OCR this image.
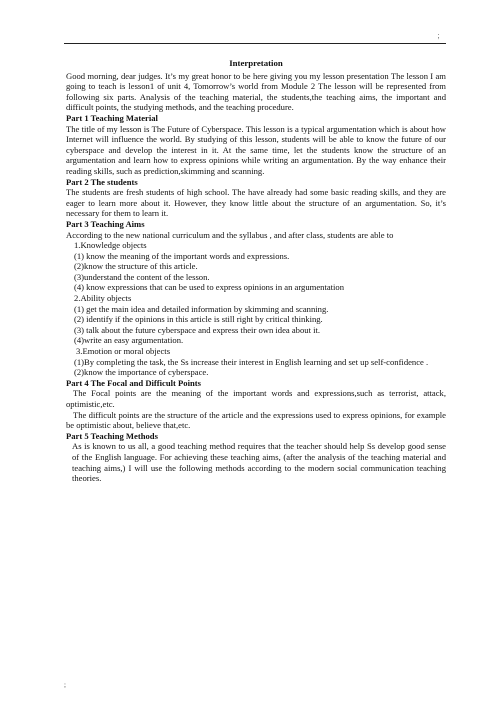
；
Interpretation

Good morning, dear judges. It’s my great honor to be here giving you my lesson presentation The lesson I am going to teach is lesson1 of unit 4, Tomorrow’s world from Module 2 The lesson will be represented from following six parts. Analysis of the teaching material, the students,the teaching aims, the important and difficult points, the studying methods, and the teaching procedure.

Part 1 Teaching Material

The title of my lesson is The Future of Cyberspace. This lesson is a typical argumentation which is about how Internet will influence the world. By studying of this lesson, students will be able to know the future of our cyberspace and develop the interest in it. At the same time, let the students know the structure of an argumentation and learn how to express opinions while writing an argumentation. By the way enhance their reading skills, such as prediction,skimming and scanning.

Part 2 The students

The students are fresh students of high school. The have already had some basic reading skills, and they are eager to learn more about it. However, they know little about the structure of an argumentation. So, it’s necessary for them to learn it.

Part 3 Teaching Aims

According to the new national curriculum and the syllabus , and after class, students are able to

1.Knowledge objects

(1) know the meaning of the important words and expressions.

(2)know the structure of this article.

(3)understand the content of the lesson.

(4) know expressions that can be used to express opinions in an argumentation

2.Ability objects

(1) get the main idea and detailed information by skimming and scanning.

(2) identify if the opinions in this article is still right by critical thinking.

(3) talk about the future cyberspace and express their own idea about it.

(4)write an easy argumentation.

3.Emotion or moral objects

(1)By completing the task, the Ss increase their interest in English learning and set up self-confidence .

(2)know the importance of cyberspace.

Part 4 The Focal and Difficult Points

The Focal points are the meaning of the important words and expressions,such as terrorist, attack, optimistic,etc.

The difficult points are the structure of the article and the expressions used to express opinions, for example be optimistic about, believe that,etc.

Part 5 Teaching Methods

As is known to us all, a good teaching method requires that the teacher should help Ss develop good sense of the English language. For achieving these teaching aims, (after the analysis of the teaching material and teaching aims,) I will use the following methods according to the modern social communication teaching theories.

;
